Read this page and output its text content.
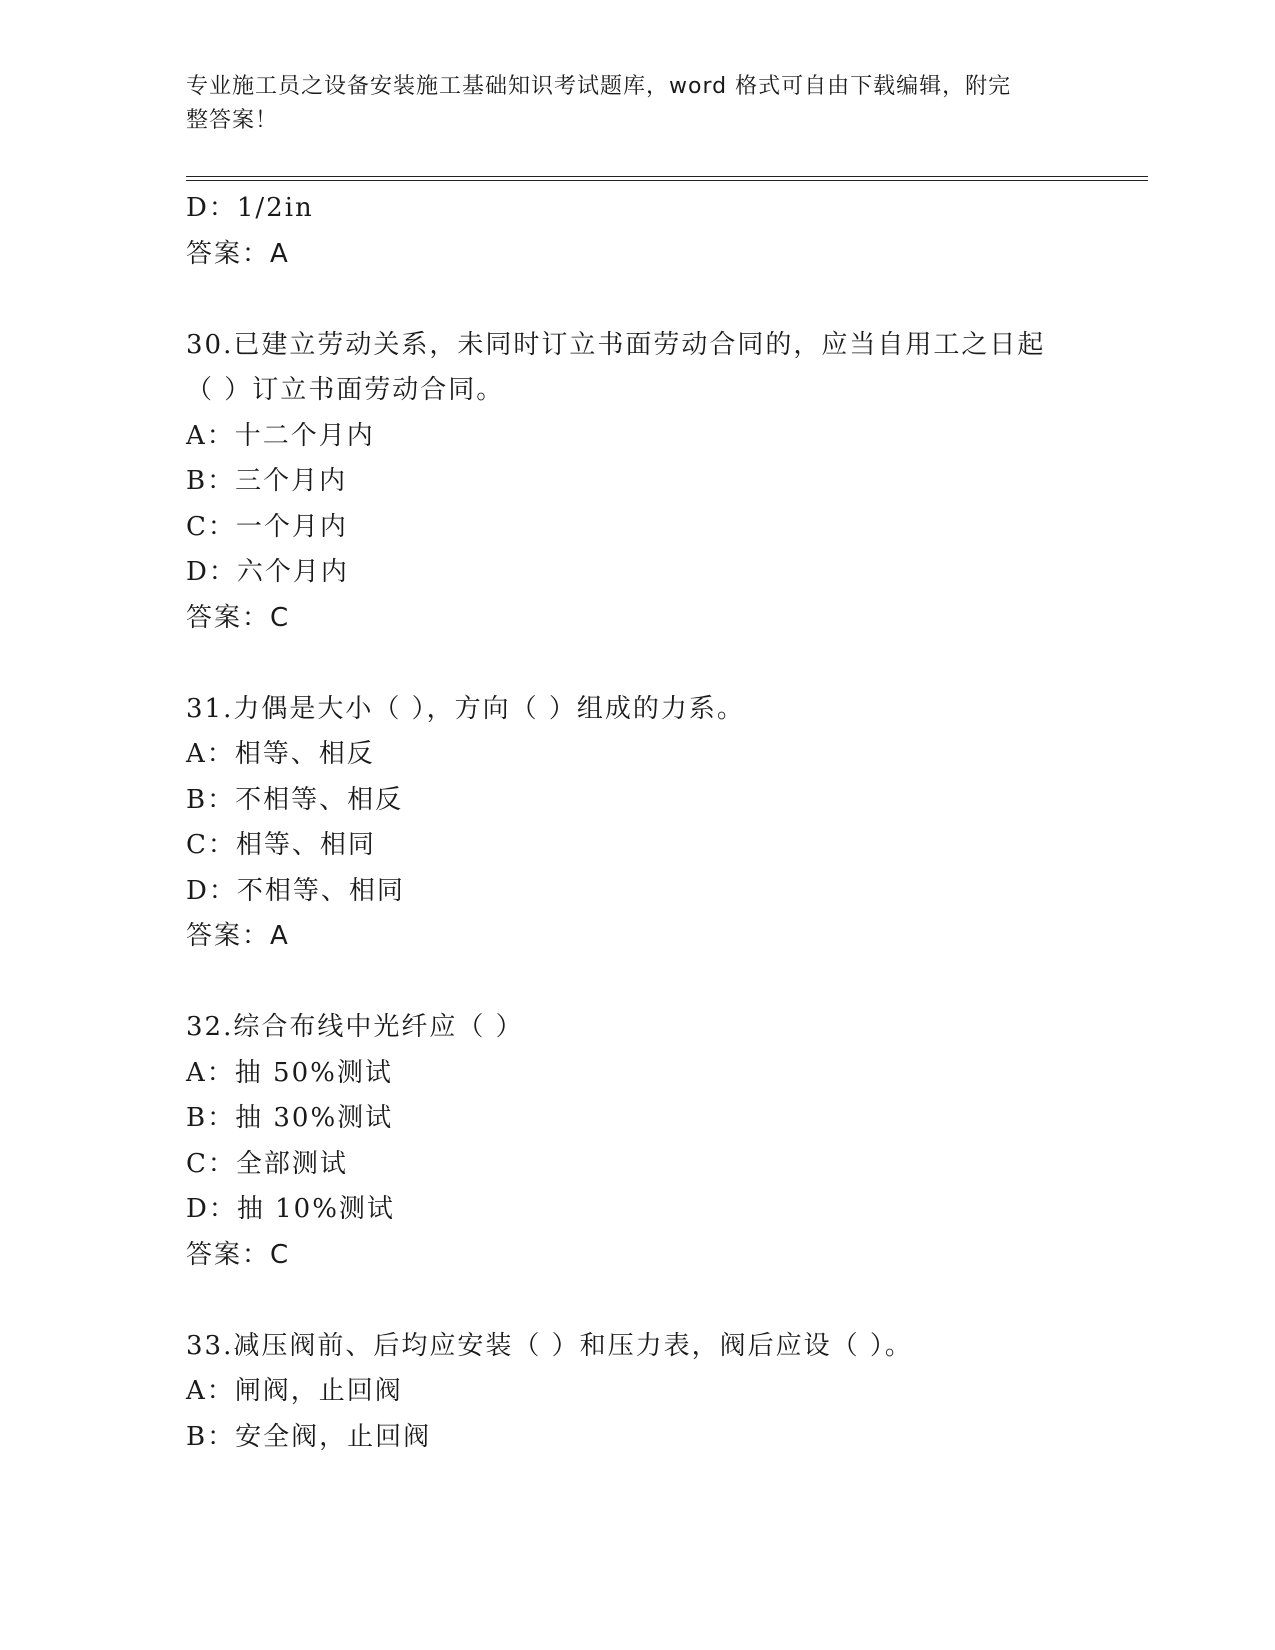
专业施工员之设备安装施工基础知识考试题库，word 格式可自由下载编辑，附完
整答案！
D：1/2in
答案：A
30.已建立劳动关系，未同时订立书面劳动合同的，应当自用工之日起
（ ）订立书面劳动合同。
A：十二个月内
B：三个月内
C：一个月内
D：六个月内
答案：C
31.力偶是大小（ ），方向（ ）组成的力系。
A：相等、相反
B：不相等、相反
C：相等、相同
D：不相等、相同
答案：A
32.综合布线中光纤应（ ）
A：抽 50%测试
B：抽 30%测试
C：全部测试
D：抽 10%测试
答案：C
33.减压阀前、后均应安装（ ）和压力表，阀后应设（ ）。
A：闸阀，止回阀
B：安全阀，止回阀
